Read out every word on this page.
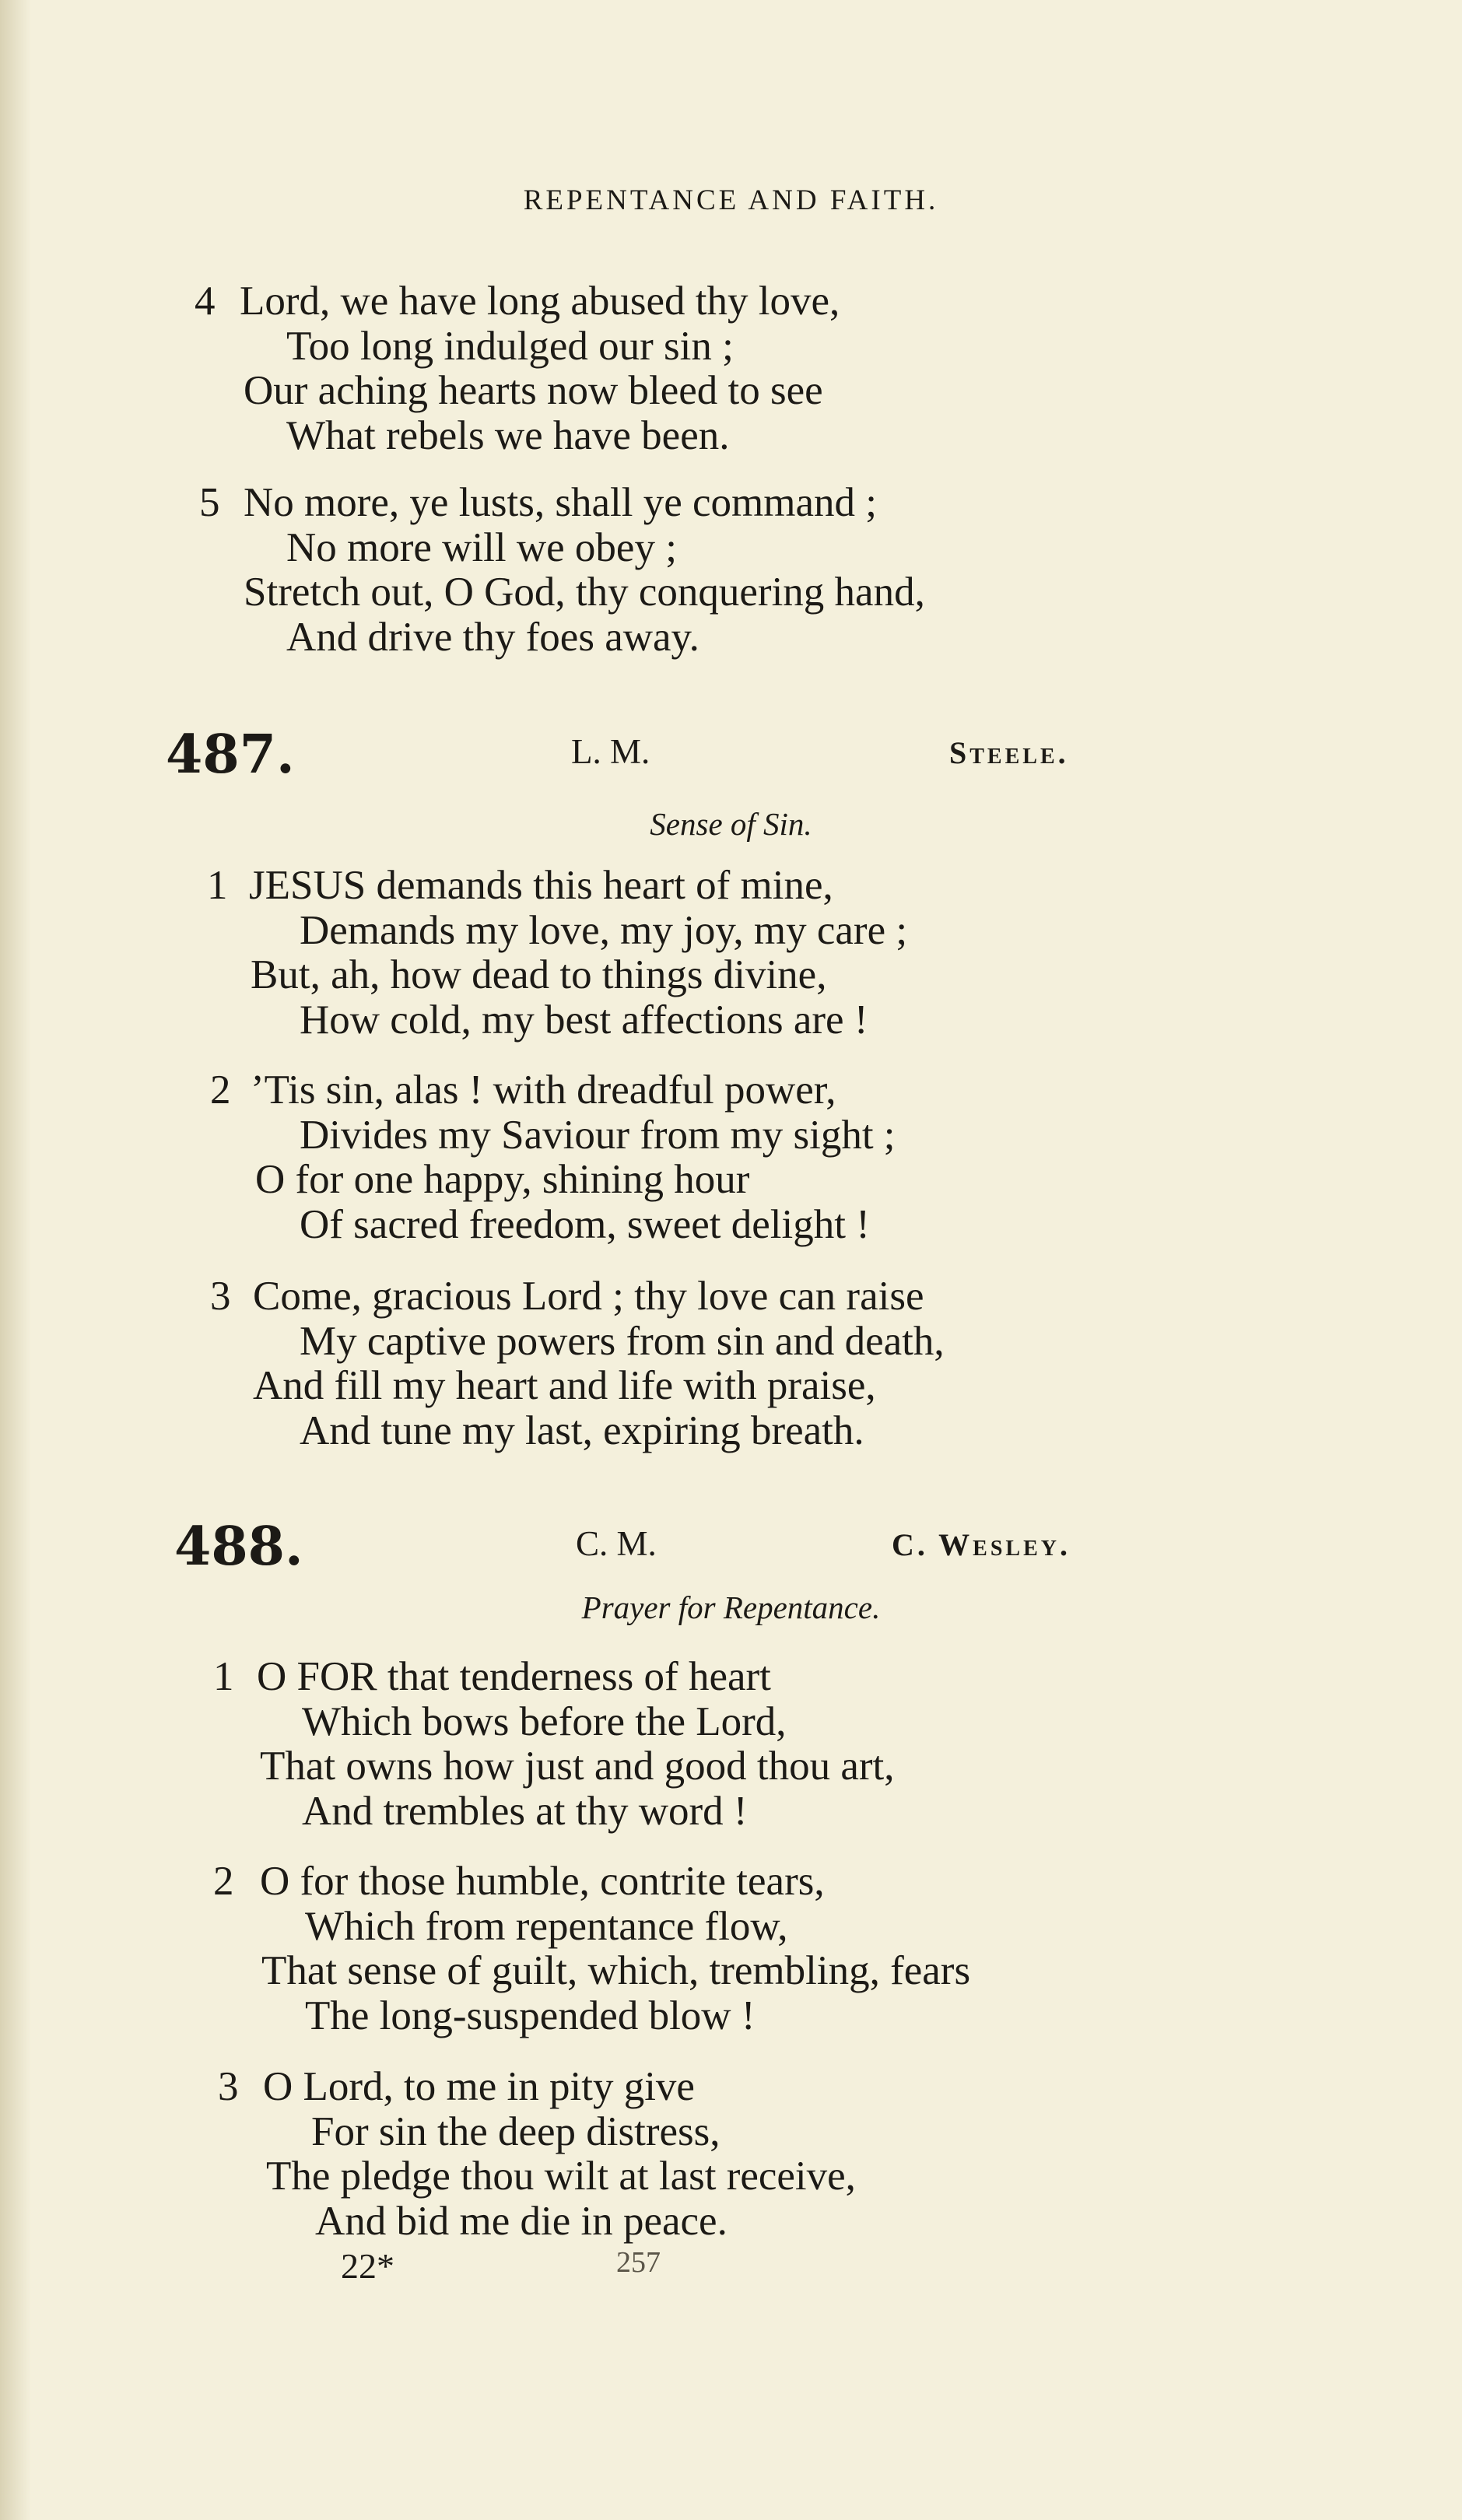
REPENTANCE AND FAITH.
4 Lord, we have long abused thy love,
Too long indulged our sin ;
Our aching hearts now bleed to see
What rebels we have been.
5 No more, ye lusts, shall ye command ;
No more will we obey ;
Stretch out, O God, thy conquering hand,
And drive thy foes away.
487.	L. M.	Steele.
Sense of Sin.
1 JESUS demands this heart of mine,
Demands my love, my joy, my care ;
But, ah, how dead to things divine,
How cold, my best affections are !
2 ’Tis sin, alas ! with dreadful power,
Divides my Saviour from my sight ;
O for one happy, shining hour
Of sacred freedom, sweet delight !
3 Come, gracious Lord ; thy love can raise
My captive powers from sin and death,
And fill my heart and life with praise,
And tune my last, expiring breath.
488.	C. M.	C. Wesley.
Prayer for Repentance.
1 O FOR that tenderness of heart
Which bows before the Lord,
That owns how just and good thou art,
And trembles at thy word !
2 O for those humble, contrite tears,
Which from repentance flow,
That sense of guilt, which, trembling, fears
The long-suspended blow !
3 O Lord, to me in pity give
For sin the deep distress,
The pledge thou wilt at last receive,
And bid me die in peace.
22*	257
